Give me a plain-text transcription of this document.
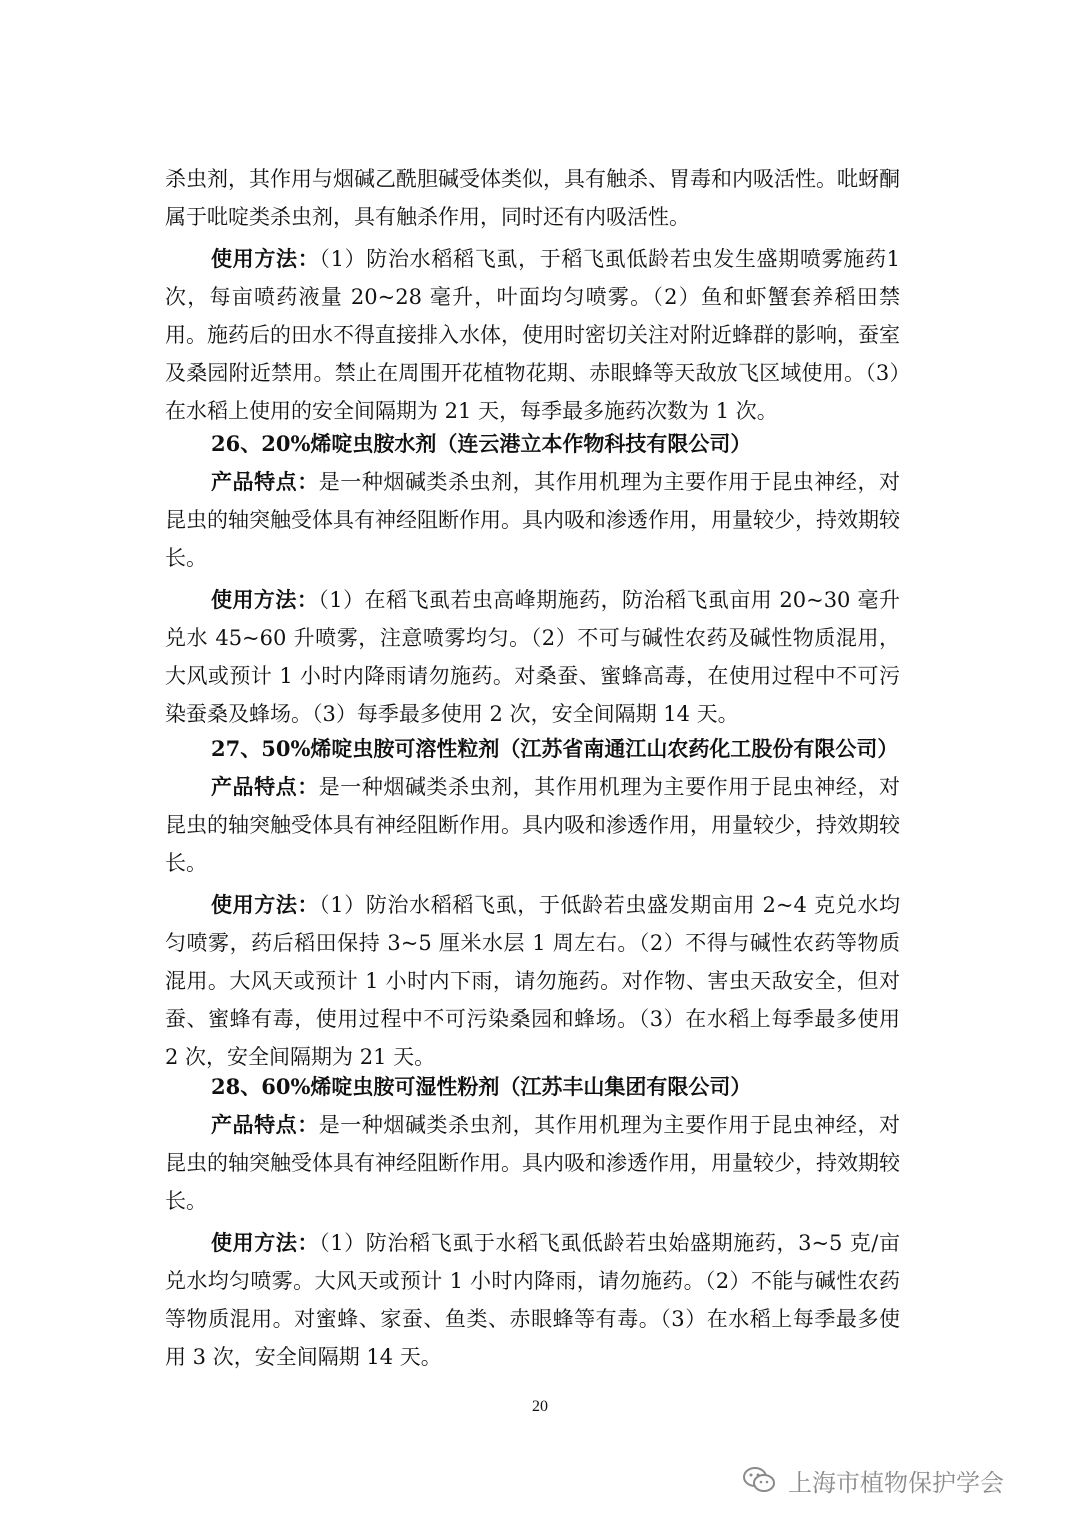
杀虫剂，其作用与烟碱乙酰胆碱受体类似，具有触杀、胃毒和内吸活性。吡蚜酮属于吡啶类杀虫剂，具有触杀作用，同时还有内吸活性。

使用方法：（1）防治水稻稻飞虱，于稻飞虱低龄若虫发生盛期喷雾施药1 次，每亩喷药液量 20~28 毫升，叶面均匀喷雾。（2）鱼和虾蟹套养稻田禁用。施药后的田水不得直接排入水体，使用时密切关注对附近蜂群的影响，蚕室及桑园附近禁用。禁止在周围开花植物花期、赤眼蜂等天敌放飞区域使用。（3）在水稻上使用的安全间隔期为 21 天，每季最多施药次数为 1 次。

26、20%烯啶虫胺水剂（连云港立本作物科技有限公司）

产品特点：是一种烟碱类杀虫剂，其作用机理为主要作用于昆虫神经，对昆虫的轴突触受体具有神经阻断作用。具内吸和渗透作用，用量较少，持效期较长。

使用方法：（1）在稻飞虱若虫高峰期施药，防治稻飞虱亩用 20~30 毫升兑水 45~60 升喷雾，注意喷雾均匀。（2）不可与碱性农药及碱性物质混用，大风或预计 1 小时内降雨请勿施药。对桑蚕、蜜蜂高毒，在使用过程中不可污染蚕桑及蜂场。（3）每季最多使用 2 次，安全间隔期 14 天。

27、50%烯啶虫胺可溶性粒剂（江苏省南通江山农药化工股份有限公司）

产品特点：是一种烟碱类杀虫剂，其作用机理为主要作用于昆虫神经，对昆虫的轴突触受体具有神经阻断作用。具内吸和渗透作用，用量较少，持效期较长。

使用方法：（1）防治水稻稻飞虱，于低龄若虫盛发期亩用 2~4 克兑水均匀喷雾，药后稻田保持 3~5 厘米水层 1 周左右。（2）不得与碱性农药等物质混用。大风天或预计 1 小时内下雨，请勿施药。对作物、害虫天敌安全，但对蚕、蜜蜂有毒，使用过程中不可污染桑园和蜂场。（3）在水稻上每季最多使用 2 次，安全间隔期为 21 天。

28、60%烯啶虫胺可湿性粉剂（江苏丰山集团有限公司）

产品特点：是一种烟碱类杀虫剂，其作用机理为主要作用于昆虫神经，对昆虫的轴突触受体具有神经阻断作用。具内吸和渗透作用，用量较少，持效期较长。

使用方法：（1）防治稻飞虱于水稻飞虱低龄若虫始盛期施药，3~5 克/亩兑水均匀喷雾。大风天或预计 1 小时内降雨，请勿施药。（2）不能与碱性农药等物质混用。对蜜蜂、家蚕、鱼类、赤眼蜂等有毒。（3）在水稻上每季最多使用 3 次，安全间隔期 14 天。

20
上海市植物保护学会
